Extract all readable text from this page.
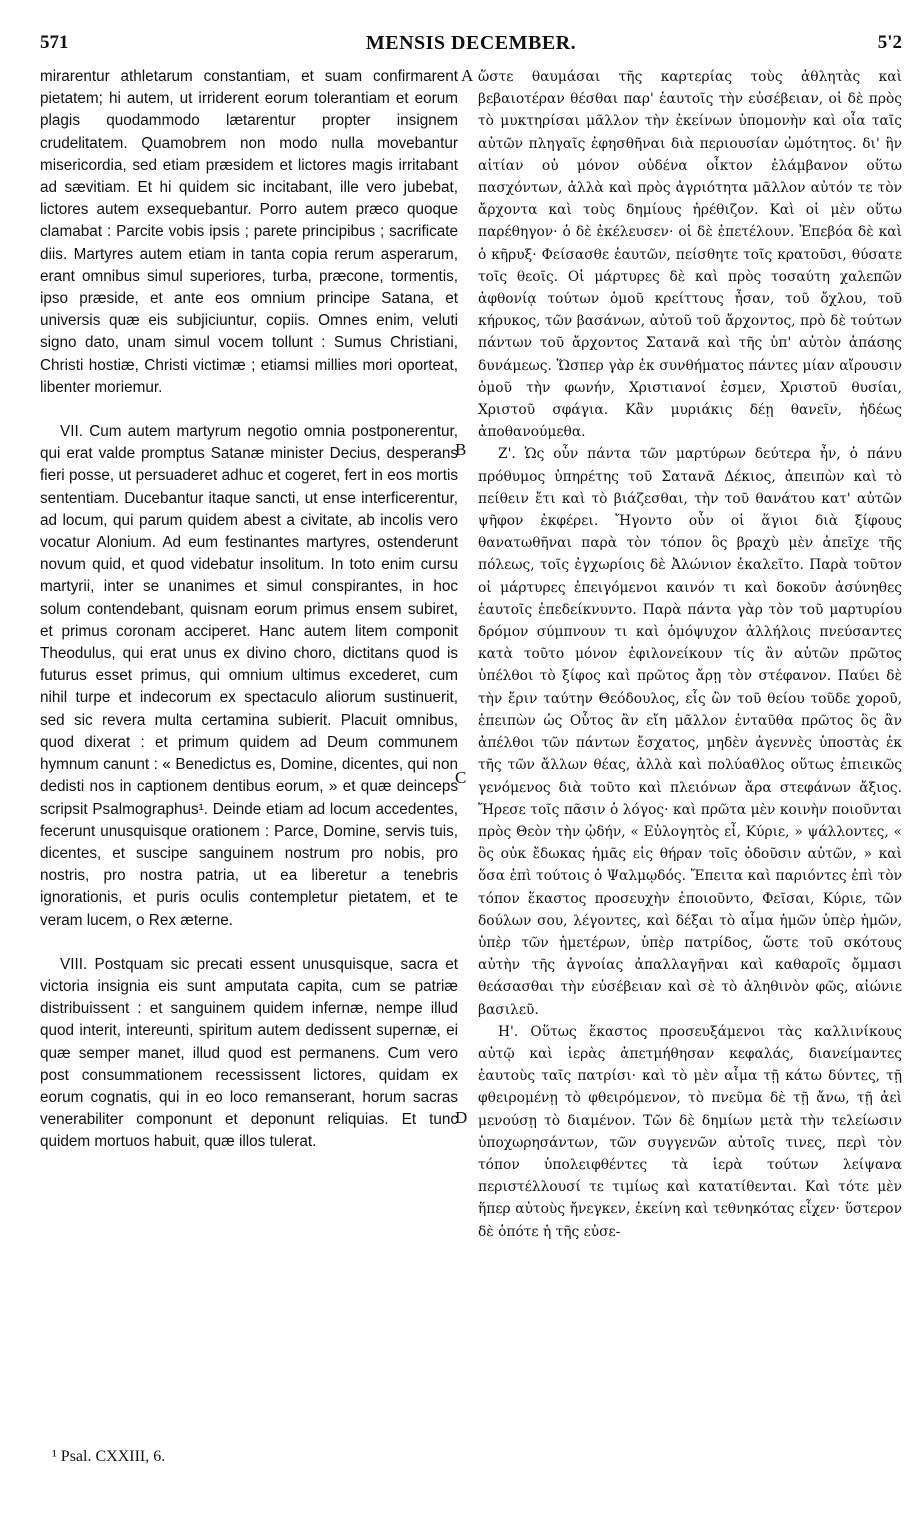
571	MENSIS DECEMBER.	5'2

mirarentur athletarum constantiam, et suam confirmarent pietatem; hi autem, ut irriderent eorum tolerantiam et eorum plagis quodammodo lætarentur propter insignem crudelitatem. Quamobrem non modo nulla movebantur misericordia, sed etiam præsidem et lictores magis irritabant ad sævitiam. Et hi quidem sic incitabant, ille vero jubebat, lictores autem exsequebantur. Porro autem præco quoque clamabat : Parcite vobis ipsis ; parete principibus ; sacrificate diis. Martyres autem etiam in tanta copia rerum asperarum, erant omnibus simul superiores, turba, præcone, tormentis, ipso præside, et ante eos omnium principe Satana, et universis quæ eis subjiciuntur, copiis. Omnes enim, veluti signo dato, unam simul vocem tollunt : Sumus Christiani, Christi hostiæ, Christi victimæ ; etiamsi millies mori oporteat, libenter moriemur.

VII. Cum autem martyrum negotio omnia postponerentur, qui erat valde promptus Satanæ minister Decius, desperans fieri posse, ut persuaderet adhuc et cogeret, fert in eos mortis sententiam. Ducebantur itaque sancti, ut ense interficerentur, ad locum, qui parum quidem abest a civitate, ab incolis vero vocatur Alonium. Ad eum festinantes martyres, ostenderunt novum quid, et quod videbatur insolitum. In toto enim cursu martyrii, inter se unanimes et simul conspirantes, in hoc solum contendebant, quisnam eorum primus ensem subiret, et primus coronam acciperet. Hanc autem litem componit Theodulus, qui erat unus ex divino choro, dictitans quod is futurus esset primus, qui omnium ultimus excederet, cum nihil turpe et indecorum ex spectaculo aliorum sustinuerit, sed sic revera multa certamina subierit. Placuit omnibus, quod dixerat : et primum quidem ad Deum communem hymnum canunt : « Benedictus es, Domine, dicentes, qui non dedisti nos in captionem dentibus eorum, » et quæ deinceps scripsit Psalmographus¹. Deinde etiam ad locum accedentes, fecerunt unusquisque orationem : Parce, Domine, servis tuis, dicentes, et suscipe sanguinem nostrum pro nobis, pro nostris, pro nostra patria, ut ea liberetur a tenebris ignorationis, et puris oculis contempletur pietatem, et te veram lucem, o Rex æterne.

VIII. Postquam sic precati essent unusquisque, sacra et victoria insignia eis sunt amputata capita, cum se patriæ distribuissent : et sanguinem quidem infernæ, nempe illud quod interit, intereunti, spiritum autem dedissent supernæ, ei quæ semper manet, illud quod est permanens. Cum vero post consummationem recessissent lictores, quidam ex eorum cognatis, qui in eo loco remanserant, horum sacras venerabiliter componunt et deponunt reliquias. Et tunc quidem mortuos habuit, quæ illos tulerat.

A
B
C
D

ὥστε θαυμάσαι τῆς καρτερίας τοὺς ἀθλητὰς καὶ βεβαιοτέραν θέσθαι παρ' ἑαυτοῖς τὴν εὐσέβειαν, οἱ δὲ πρὸς τὸ μυκτηρίσαι μᾶλλον τὴν ἐκείνων ὑπομονὴν καὶ οἷα ταῖς αὐτῶν πληγαῖς ἐφησθῆναι διὰ περιουσίαν ὠμότητος. δι' ἣν αἰτίαν οὐ μόνον οὐδένα οἶκτον ἐλάμβανον οὕτω πασχόντων, ἀλλὰ καὶ πρὸς ἀγριότητα μᾶλλον αὐτόν τε τὸν ἄρχοντα καὶ τοὺς δημίους ἠρέθιζον. Καὶ οἱ μὲν οὕτω παρέθηγον· ὁ δὲ ἐκέλευσεν· οἱ δὲ ἐπετέλουν. Ἐπεβόα δὲ καὶ ὁ κῆρυξ· Φείσασθε ἑαυτῶν, πείσθητε τοῖς κρατοῦσι, θύσατε τοῖς θεοῖς. Οἱ μάρτυρες δὲ καὶ πρὸς τοσαύτη χαλεπῶν ἀφθονίᾳ τούτων ὁμοῦ κρείττους ἦσαν, τοῦ ὄχλου, τοῦ κήρυκος, τῶν βασάνων, αὐτοῦ τοῦ ἄρχοντος, πρὸ δὲ τούτων πάντων τοῦ ἄρχοντος Σατανᾶ καὶ τῆς ὑπ' αὐτὸν ἁπάσης δυνάμεως. Ὥσπερ γὰρ ἐκ συνθήματος πάντες μίαν αἴρουσιν ὁμοῦ τὴν φωνήν, Χριστιανοί ἐσμεν, Χριστοῦ θυσίαι, Χριστοῦ σφάγια. Κἂν μυριάκις δέῃ θανεῖν, ἡδέως ἀποθανούμεθα.

Ζ'. Ὡς οὖν πάντα τῶν μαρτύρων δεύτερα ἦν, ὁ πάνυ πρόθυμος ὑπηρέτης τοῦ Σατανᾶ Δέκιος, ἀπειπὼν καὶ τὸ πείθειν ἔτι καὶ τὸ βιάζεσθαι, τὴν τοῦ θανάτου κατ' αὐτῶν ψῆφον ἐκφέρει. Ἤγοντο οὖν οἱ ἅγιοι διὰ ξίφους θανατωθῆναι παρὰ τὸν τόπον ὃς βραχὺ μὲν ἀπεῖχε τῆς πόλεως, τοῖς ἐγχωρίοις δὲ Ἀλώνιον ἐκαλεῖτο. Παρὰ τοῦτον οἱ μάρτυρες ἐπειγόμενοι καινόν τι καὶ δοκοῦν ἀσύνηθες ἑαυτοῖς ἐπεδείκνυντο. Παρὰ πάντα γὰρ τὸν τοῦ μαρτυρίου δρόμον σύμπνουν τι καὶ ὁμόψυχον ἀλλήλοις πνεύσαντες κατὰ τοῦτο μόνον ἐφιλονείκουν τίς ἂν αὐτῶν πρῶτος ὑπέλθοι τὸ ξίφος καὶ πρῶτος ἄρῃ τὸν στέφανον. Παύει δὲ τὴν ἔριν ταύτην Θεόδουλος, εἷς ὢν τοῦ θείου τοῦδε χοροῦ, ἐπειπὼν ὡς Οὗτος ἂν εἴη μᾶλλον ἐνταῦθα πρῶτος ὃς ἂν ἀπέλθοι τῶν πάντων ἔσχατος, μηδὲν ἀγεννὲς ὑποστὰς ἐκ τῆς τῶν ἄλλων θέας, ἀλλὰ καὶ πολύαθλος οὕτως ἐπιεικῶς γενόμενος διὰ τοῦτο καὶ πλειόνων ἄρα στεφάνων ἄξιος. Ἤρεσε τοῖς πᾶσιν ὁ λόγος· καὶ πρῶτα μὲν κοινὴν ποιοῦνται πρὸς Θεὸν τὴν ᾠδήν, « Εὐλογητὸς εἶ, Κύριε, » ψάλλοντες, « ὃς οὐκ ἔδωκας ἡμᾶς εἰς θήραν τοῖς ὀδοῦσιν αὐτῶν, » καὶ ὅσα ἐπὶ τούτοις ὁ Ψαλμῳδός. Ἔπειτα καὶ παριόντες ἐπὶ τὸν τόπον ἕκαστος προσευχὴν ἐποιοῦντο, Φεῖσαι, Κύριε, τῶν δούλων σου, λέγοντες, καὶ δέξαι τὸ αἷμα ἡμῶν ὑπὲρ ἡμῶν, ὑπὲρ τῶν ἡμετέρων, ὑπὲρ πατρίδος, ὥστε τοῦ σκότους αὐτὴν τῆς ἀγνοίας ἀπαλλαγῆναι καὶ καθαροῖς ὄμμασι θεάσασθαι τὴν εὐσέβειαν καὶ σὲ τὸ ἀληθινὸν φῶς, αἰώνιε βασιλεῦ.

Η'. Οὕτως ἕκαστος προσευξάμενοι τὰς καλλινίκους αὐτῷ καὶ ἱερὰς ἀπετμήθησαν κεφαλάς, διανείμαντες ἑαυτοὺς ταῖς πατρίσι· καὶ τὸ μὲν αἷμα τῇ κάτω δύντες, τῇ φθειρομένῃ τὸ φθειρόμενον, τὸ πνεῦμα δὲ τῇ ἄνω, τῇ ἀεὶ μενούσῃ τὸ διαμένον. Τῶν δὲ δημίων μετὰ τὴν τελείωσιν ὑποχωρησάντων, τῶν συγγενῶν αὐτοῖς τινες, περὶ τὸν τόπον ὑπολειφθέντες τὰ ἱερὰ τούτων λείψανα περιστέλλουσί τε τιμίως καὶ κατατίθενται. Καὶ τότε μὲν ἥπερ αὐτοὺς ἤνεγκεν, ἐκείνη καὶ τεθνηκότας εἶχεν· ὕστερον δὲ ὁπότε ἡ τῆς εὐσε-

¹ Psal. CXXIII, 6.
